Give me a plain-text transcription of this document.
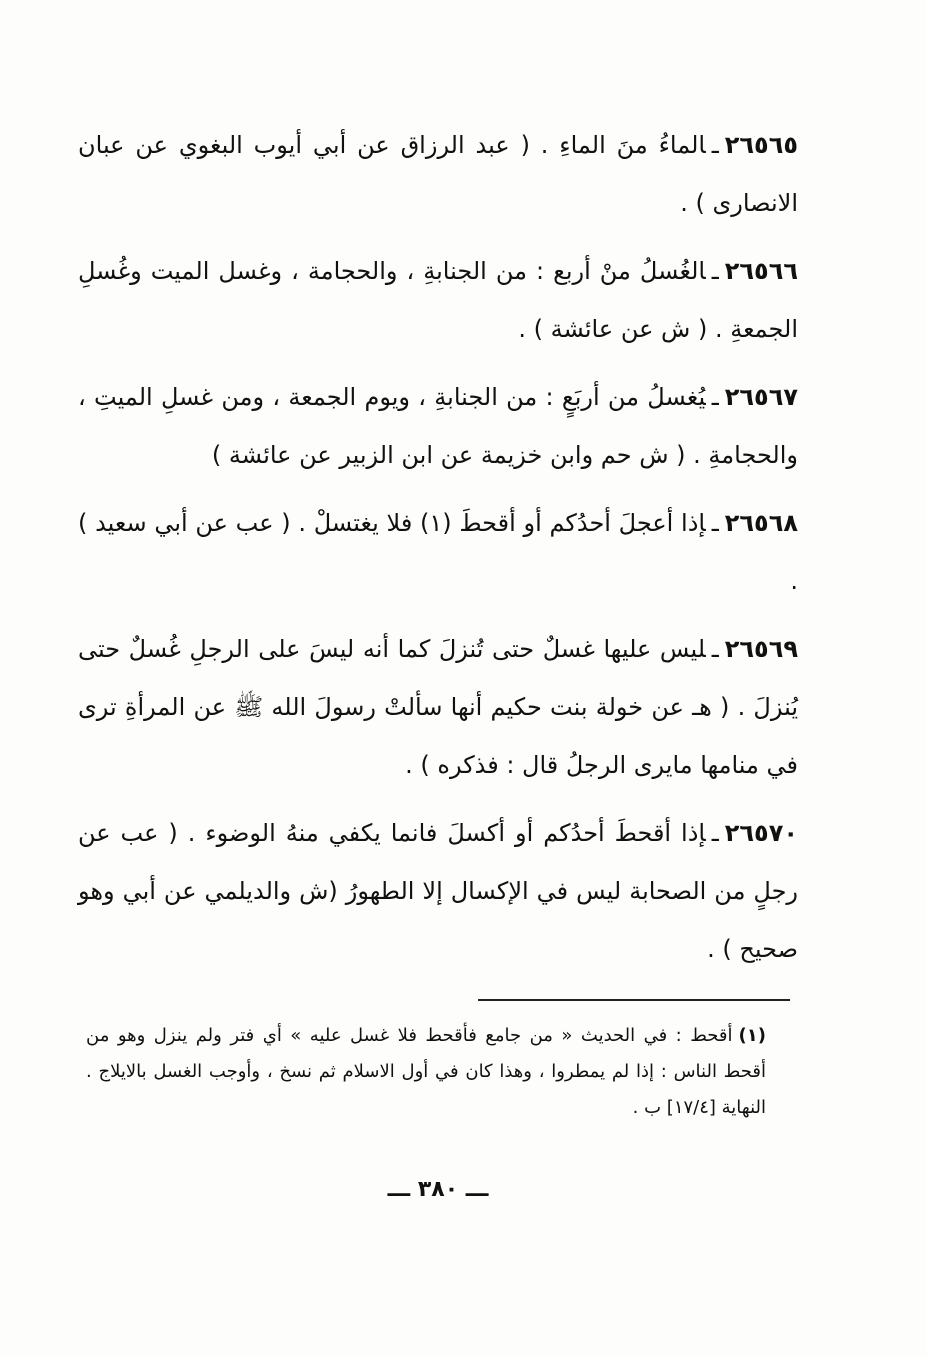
٢٦٥٦٥ـالماءُ منَ الماءِ . ( عبد الرزاق عن أبي أيوب البغوي عن عبان الانصارى ) .

٢٦٥٦٦ـالغُسلُ منْ أربع : من الجنابةِ ، والحجامة ، وغسل الميت وغُسلِ الجمعةِ . ( ش عن عائشة ) .

٢٦٥٦٧ـيُغسلُ من أربَعٍ : من الجنابةِ ، ويوم الجمعة ، ومن غسلِ الميتِ ، والحجامةِ . ( ش حم وابن خزيمة عن ابن الزبير عن عائشة )

٢٦٥٦٨ـإذا أعجلَ أحدُكم أو أقحطَ (١) فلا يغتسلْ . ( عب عن أبي سعيد ) .

٢٦٥٦٩ـليس عليها غسلٌ حتى تُنزلَ كما أنه ليسَ على الرجلِ غُسلٌ حتى يُنزلَ . ( هـ عن خولة بنت حكيم أنها سألتْ رسولَ الله ﷺ عن المرأةِ ترى في منامها مايرى الرجلُ قال : فذكره ) .

٢٦٥٧٠ـإذا أقحطَ أحدُكم أو أكسلَ فانما يكفي منهُ الوضوء . ( عب عن رجلٍ من الصحابة ليس في الإكسال إلا الطهورُ (ش والديلمي عن أبي وهو صحيح ) .

(١)أقحط : في الحديث « من جامع فأقحط فلا غسل عليه » أي فتر ولم ينزل وهو من أقحط الناس : إذا لم يمطروا ، وهذا كان في أول الاسلام ثم نسخ ، وأوجب الغسل بالايلاج . النهاية [١٧/٤] ب .
ـــ ٣٨٠ ـــ
